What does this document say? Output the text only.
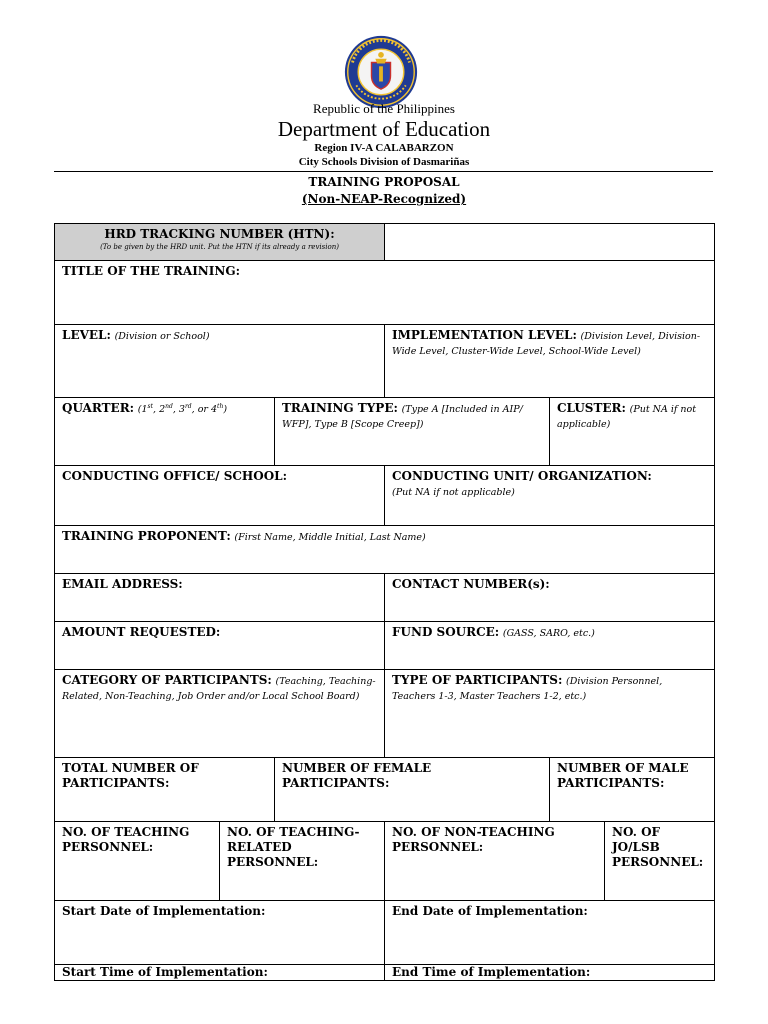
Republic of the Philippines
Department of Education
Region IV-A CALABARZON
City Schools Division of Dasmariñas
TRAINING PROPOSAL
(Non-NEAP-Recognized)
HRD TRACKING NUMBER (HTN):
(To be given by the HRD unit. Put the HTN if its already a revision)					

TITLE OF THE TRAINING:					
LEVEL: (Division or School)			IMPLEMENTATION LEVEL: (Division Level, Division-Wide Level, Cluster-Wide Level, School-Wide Level)		
QUARTER: (1st, 2nd, 3rd, or 4th)		TRAINING TYPE: (Type A [Included in AIP/ WFP], Type B [Scope Creep])		CLUSTER: (Put NA if not applicable)	
CONDUCTING OFFICE/ SCHOOL:			CONDUCTING UNIT/ ORGANIZATION:
(Put NA if not applicable)		
TRAINING PROPONENT: (First Name, Middle Initial, Last Name)					
EMAIL ADDRESS:			CONTACT NUMBER(s):		
AMOUNT REQUESTED:			FUND SOURCE: (GASS, SARO, etc.)		
CATEGORY OF PARTICIPANTS: (Teaching, Teaching-Related, Non-Teaching, Job Order and/or Local School Board)			TYPE OF PARTICIPANTS: (Division Personnel, Teachers 1-3, Master Teachers 1-2, etc.)		
TOTAL NUMBER OF PARTICIPANTS:		NUMBER OF FEMALE PARTICIPANTS:		NUMBER OF MALE PARTICIPANTS:	
NO. OF TEACHING PERSONNEL:	NO. OF TEACHING-RELATED PERSONNEL:		NO. OF NON-TEACHING PERSONNEL:		NO. OF JO/LSB PERSONNEL:
Start Date of Implementation:			End Date of Implementation:		
Start Time of Implementation:			End Time of Implementation:		
